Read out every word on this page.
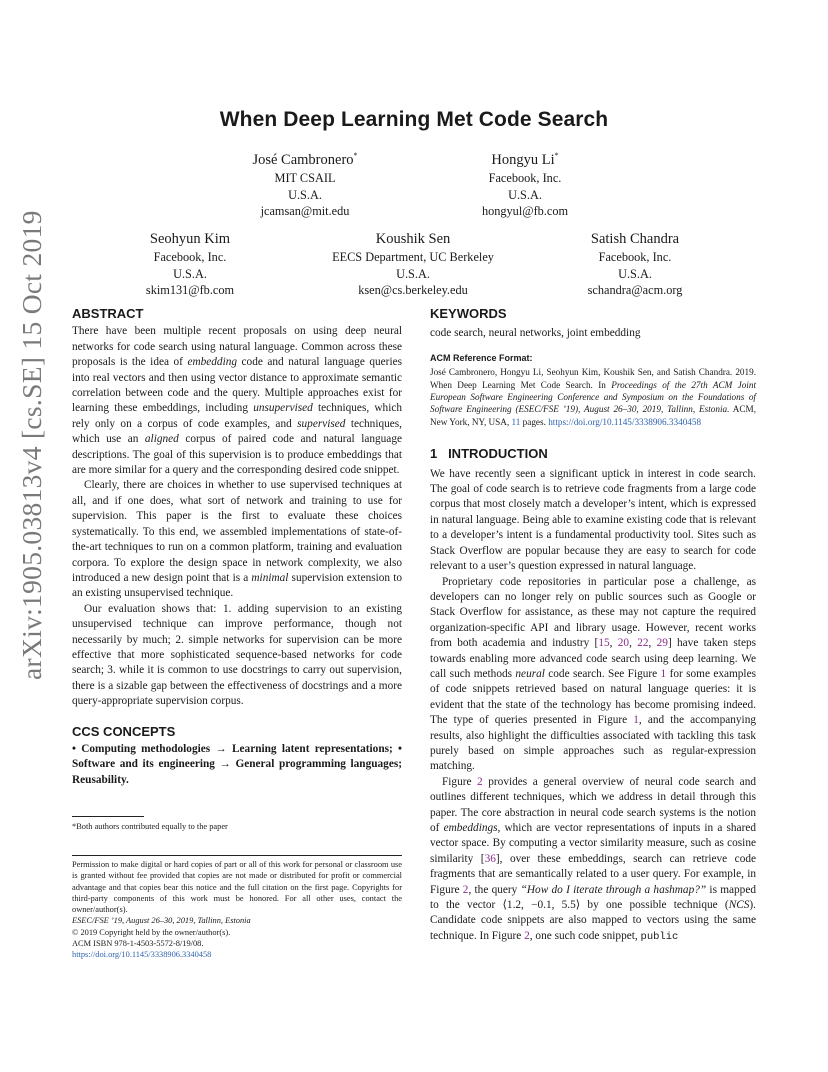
arXiv:1905.03813v4 [cs.SE] 15 Oct 2019
When Deep Learning Met Code Search
José Cambronero*
MIT CSAIL
U.S.A.
jcamsan@mit.edu
Hongyu Li*
Facebook, Inc.
U.S.A.
hongyul@fb.com
Seohyun Kim
Facebook, Inc.
U.S.A.
skim131@fb.com
Koushik Sen
EECS Department, UC Berkeley
U.S.A.
ksen@cs.berkeley.edu
Satish Chandra
Facebook, Inc.
U.S.A.
schandra@acm.org
ABSTRACT

There have been multiple recent proposals on using deep neural networks for code search using natural language. Common across these proposals is the idea of embedding code and natural language queries into real vectors and then using vector distance to approximate semantic correlation between code and the query. Multiple approaches exist for learning these embeddings, including unsupervised techniques, which rely only on a corpus of code examples, and supervised techniques, which use an aligned corpus of paired code and natural language descriptions. The goal of this supervision is to produce embeddings that are more similar for a query and the corresponding desired code snippet.

Clearly, there are choices in whether to use supervised techniques at all, and if one does, what sort of network and training to use for supervision. This paper is the first to evaluate these choices systematically. To this end, we assembled implementations of state-of-the-art techniques to run on a common platform, training and evaluation corpora. To explore the design space in network complexity, we also introduced a new design point that is a minimal supervision extension to an existing unsupervised technique.

Our evaluation shows that: 1. adding supervision to an existing unsupervised technique can improve performance, though not necessarily by much; 2. simple networks for supervision can be more effective that more sophisticated sequence-based networks for code search; 3. while it is common to use docstrings to carry out supervision, there is a sizable gap between the effectiveness of docstrings and a more query-appropriate supervision corpus.

CCS CONCEPTS
• Computing methodologies → Learning latent representations; • Software and its engineering → General programming languages; Reusability.
*Both authors contributed equally to the paper
Permission to make digital or hard copies of part or all of this work for personal or classroom use is granted without fee provided that copies are not made or distributed for profit or commercial advantage and that copies bear this notice and the full citation on the first page. Copyrights for third-party components of this work must be honored. For all other uses, contact the owner/author(s).
ESEC/FSE ’19, August 26–30, 2019, Tallinn, Estonia
© 2019 Copyright held by the owner/author(s).
ACM ISBN 978-1-4503-5572-8/19/08.
https://doi.org/10.1145/3338906.3340458
KEYWORDS
code search, neural networks, joint embedding
ACM Reference Format:
José Cambronero, Hongyu Li, Seohyun Kim, Koushik Sen, and Satish Chandra. 2019. When Deep Learning Met Code Search. In Proceedings of the 27th ACM Joint European Software Engineering Conference and Symposium on the Foundations of Software Engineering (ESEC/FSE ’19), August 26–30, 2019, Tallinn, Estonia. ACM, New York, NY, USA, 11 pages. https://doi.org/10.1145/3338906.3340458
1   INTRODUCTION

We have recently seen a significant uptick in interest in code search. The goal of code search is to retrieve code fragments from a large code corpus that most closely match a developer’s intent, which is expressed in natural language. Being able to examine existing code that is relevant to a developer’s intent is a fundamental productivity tool. Sites such as Stack Overflow are popular because they are easy to search for code relevant to a user’s question expressed in natural language.

Proprietary code repositories in particular pose a challenge, as developers can no longer rely on public sources such as Google or Stack Overflow for assistance, as these may not capture the required organization-specific API and library usage. However, recent works from both academia and industry [15, 20, 22, 29] have taken steps towards enabling more advanced code search using deep learning. We call such methods neural code search. See Figure 1 for some examples of code snippets retrieved based on natural language queries: it is evident that the state of the technology has become promising indeed. The type of queries presented in Figure 1, and the accompanying results, also highlight the difficulties associated with tackling this task purely based on simple approaches such as regular-expression matching.

Figure 2 provides a general overview of neural code search and outlines different techniques, which we address in detail through this paper. The core abstraction in neural code search systems is the notion of embeddings, which are vector representations of inputs in a shared vector space. By computing a vector similarity measure, such as cosine similarity [36], over these embeddings, search can retrieve code fragments that are semantically related to a user query. For example, in Figure 2, the query “How do I iterate through a hashmap?” is mapped to the vector ⟨1.2, −0.1, 5.5⟩ by one possible technique (NCS). Candidate code snippets are also mapped to vectors using the same technique. In Figure 2, one such code snippet, public
